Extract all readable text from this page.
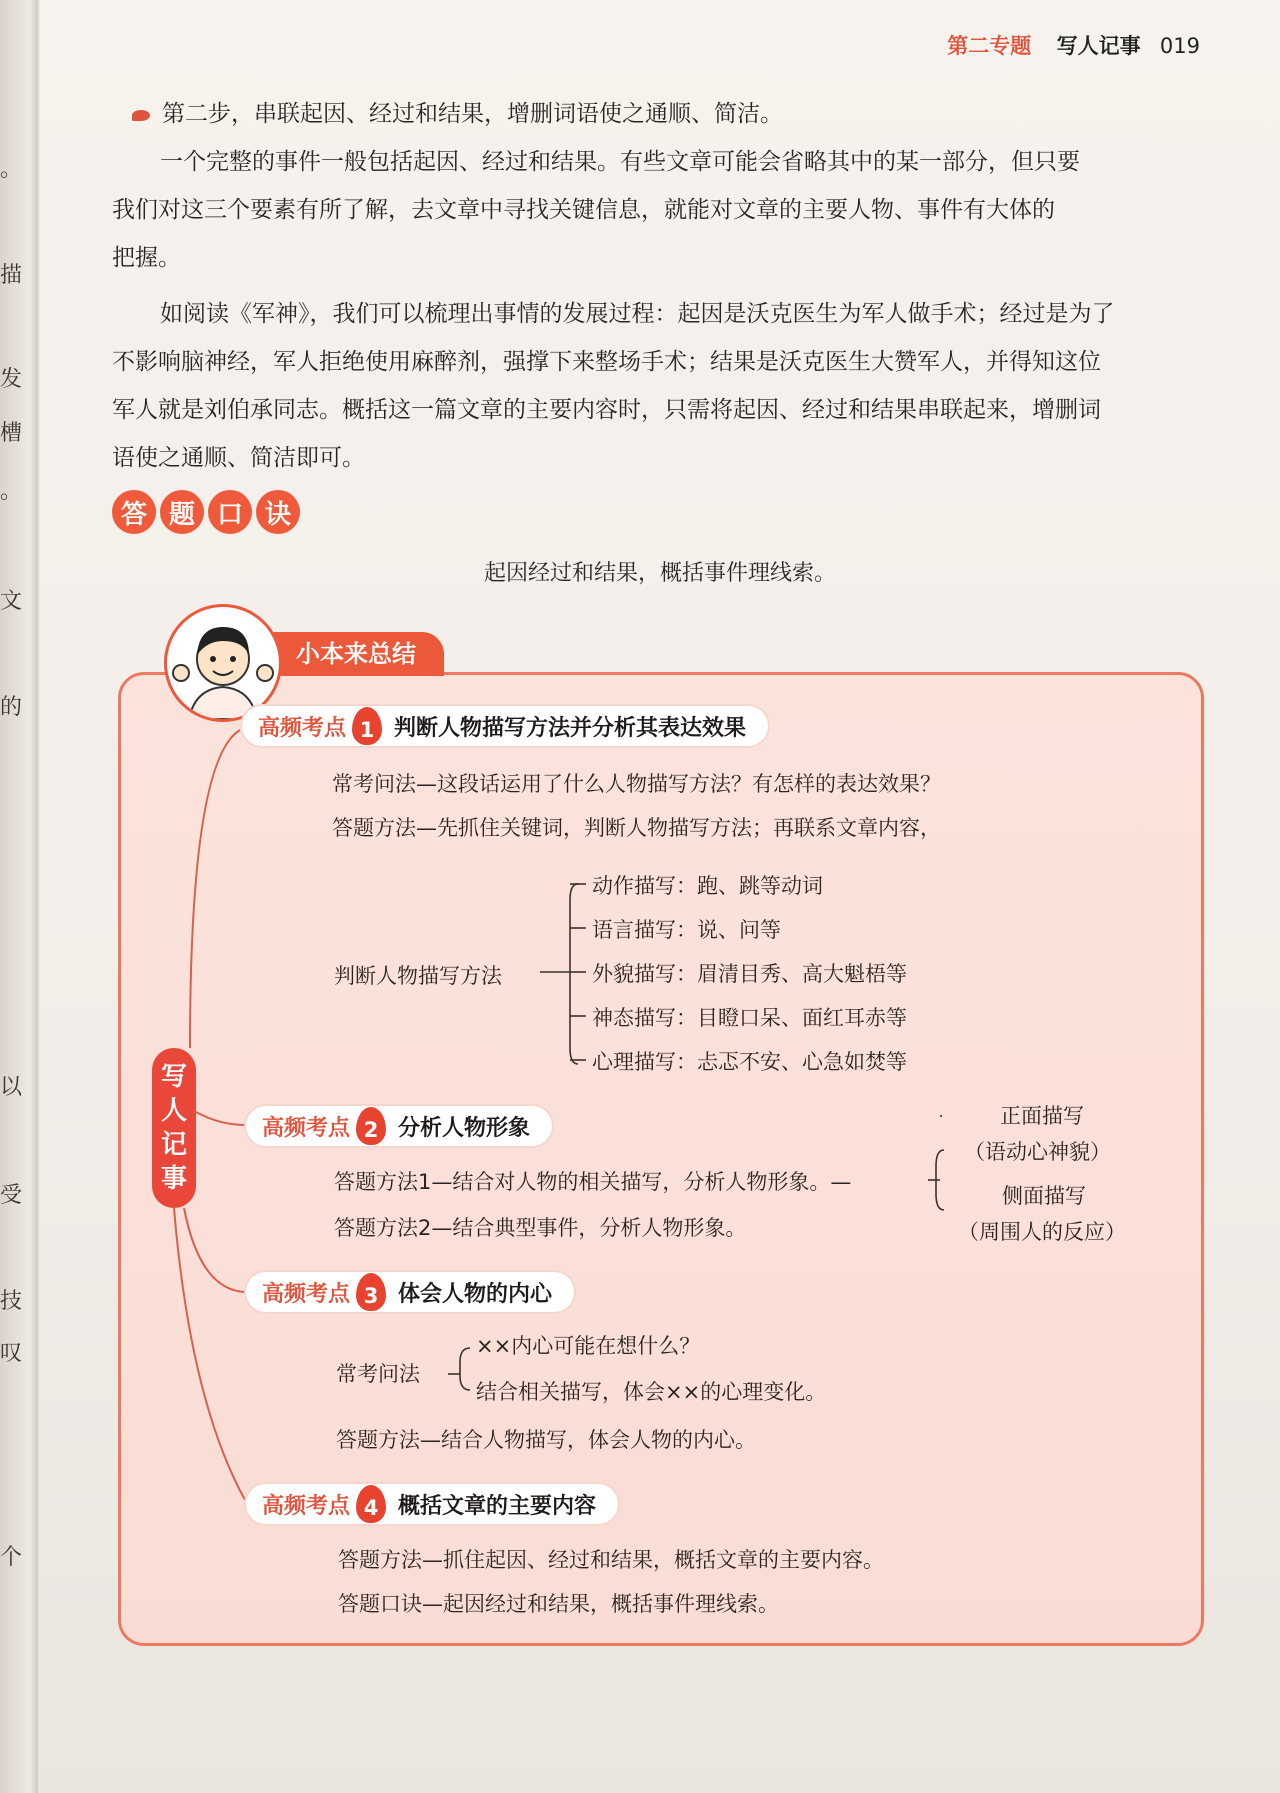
。
描
发
槽
。
文
的
以
受
技
叹
个
第二专题 写人记事 019

第二步，串联起因、经过和结果，增删词语使之通顺、简洁。

一个完整的事件一般包括起因、经过和结果。有些文章可能会省略其中的某一部分，但只要

我们对这三个要素有所了解，去文章中寻找关键信息，就能对文章的主要人物、事件有大体的

把握。

如阅读《军神》，我们可以梳理出事情的发展过程：起因是沃克医生为军人做手术；经过是为了

不影响脑神经，军人拒绝使用麻醉剂，强撑下来整场手术；结果是沃克医生大赞军人，并得知这位

军人就是刘伯承同志。概括这一篇文章的主要内容时，只需将起因、经过和结果串联起来，增删词

语使之通顺、简洁即可。

答 题 口 诀
起因经过和结果，概括事件理线索。
小本来总结
写
人
记
事
高频考点 1 判断人物描写方法并分析其表达效果
常考问法—这段话运用了什么人物描写方法？有怎样的表达效果？
答题方法—先抓住关键词，判断人物描写方法；再联系文章内容，
判断人物描写方法
动作描写：跑、跳等动词
语言描写：说、问等
外貌描写：眉清目秀、高大魁梧等
神态描写：目瞪口呆、面红耳赤等
心理描写：忐忑不安、心急如焚等
高频考点 2 分析人物形象
答题方法1—结合对人物的相关描写，分析人物形象。—
答题方法2—结合典型事件，分析人物形象。
正面描写
（语动心神貌）
侧面描写
（周围人的反应）
高频考点 3 体会人物的内心
常考问法
××内心可能在想什么？
结合相关描写，体会××的心理变化。
答题方法—结合人物描写，体会人物的内心。
高频考点 4 概括文章的主要内容
答题方法—抓住起因、经过和结果，概括文章的主要内容。
答题口诀—起因经过和结果，概括事件理线索。
